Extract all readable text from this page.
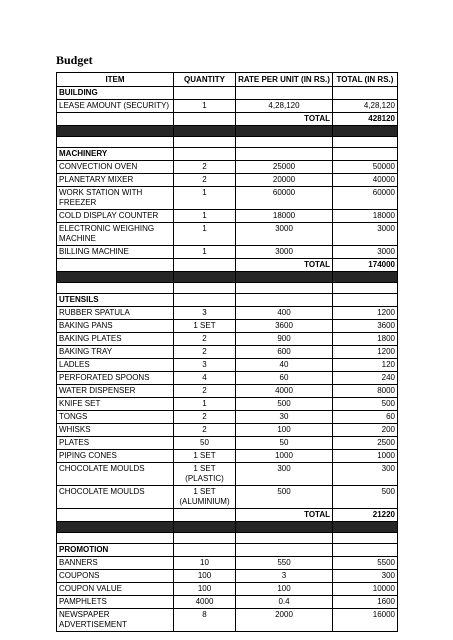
Budget
ITEM	QUANTITY	RATE PER UNIT (IN RS.)	TOTAL (IN RS.)
BUILDING			
LEASE AMOUNT (SECURITY)	1	4,28,120	4,28,120
		TOTAL	428120

MACHINERY			
CONVECTION OVEN	2	25000	50000
PLANETARY MIXER	2	20000	40000
WORK STATION WITH FREEZER	1	60000	60000
COLD DISPLAY COUNTER	1	18000	18000
ELECTRONIC WEIGHING MACHINE	1	3000	3000
BILLING MACHINE	1	3000	3000
		TOTAL	174000

UTENSILS			
RUBBER SPATULA	3	400	1200
BAKING PANS	1 SET	3600	3600
BAKING PLATES	2	900	1800
BAKING TRAY	2	600	1200
LADLES	3	40	120
PERFORATED SPOONS	4	60	240
WATER DISPENSER	2	4000	8000
KNIFE SET	1	500	500
TONGS	2	30	60
WHISKS	2	100	200
PLATES	50	50	2500
PIPING CONES	1 SET	1000	1000
CHOCOLATE MOULDS	1 SET (PLASTIC)	300	300
CHOCOLATE MOULDS	1 SET (ALUMINIUM)	500	500
		TOTAL	21220

PROMOTION			
BANNERS	10	550	5500
COUPONS	100	3	300
COUPON VALUE	100	100	10000
PAMPHLETS	4000	0.4	1600
NEWSPAPER ADVERTISEMENT	8	2000	16000
